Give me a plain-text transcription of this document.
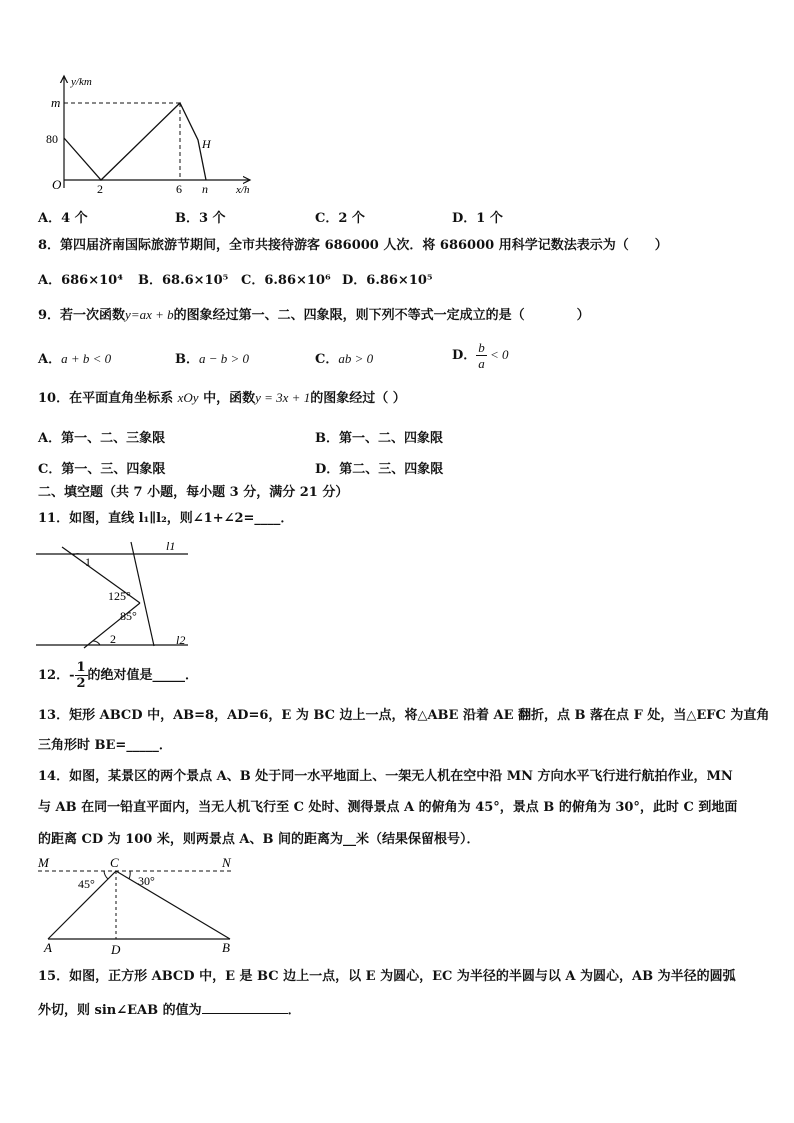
y/km
x/h
O
m
80
2	6 n
H
A．4 个	B．3 个	C．2 个	D．1 个
8．第四届济南国际旅游节期间，全市共接待游客 686000 人次．将 686000 用科学记数法表示为（　　）
A．686×10⁴ B．68.6×10⁵ C．6.86×10⁶ D．6.86×10⁵
9．若一次函数y=ax + b的图象经过第一、二、四象限，则下列不等式一定成立的是（　　　　）
A．a + b < 0	B．a − b > 0	C．ab > 0	D． $\frac{b}{a} < 0$
10．在平面直角坐标系 xOy 中，函数y = 3x + 1的图象经过（ ）
A．第一、二、三象限	B．第一、二、四象限
C．第一、三、四象限	D．第二、三、四象限
二、填空题（共 7 小题，每小题 3 分，满分 21 分）
11．如图，直线 l₁∥l₂，则∠1+∠2=____．
l1
l2
1
125°
85°
2
12．- $\frac{1}{2}$ 的绝对值是_____．
13．矩形 ABCD 中，AB=8，AD=6，E 为 BC 边上一点，将△ABE 沿着 AE 翻折，点 B 落在点 F 处，当△EFC 为直角
三角形时 BE=_____．
14．如图，某景区的两个景点 A、B 处于同一水平地面上、一架无人机在空中沿 MN 方向水平飞行进行航拍作业，MN
与 AB 在同一铅直平面内，当无人机飞行至 C 处时、测得景点 A 的俯角为 45°，景点 B 的俯角为 30°，此时 C 到地面
的距离 CD 为 100 米，则两景点 A、B 间的距离为__米（结果保留根号）．
M	C	N
45°	30°
A	D	B
15．如图，正方形 ABCD 中，E 是 BC 边上一点，以 E 为圆心，EC 为半径的半圆与以 A 为圆心，AB 为半径的圆弧
外切，则 sin∠EAB 的值为	．
